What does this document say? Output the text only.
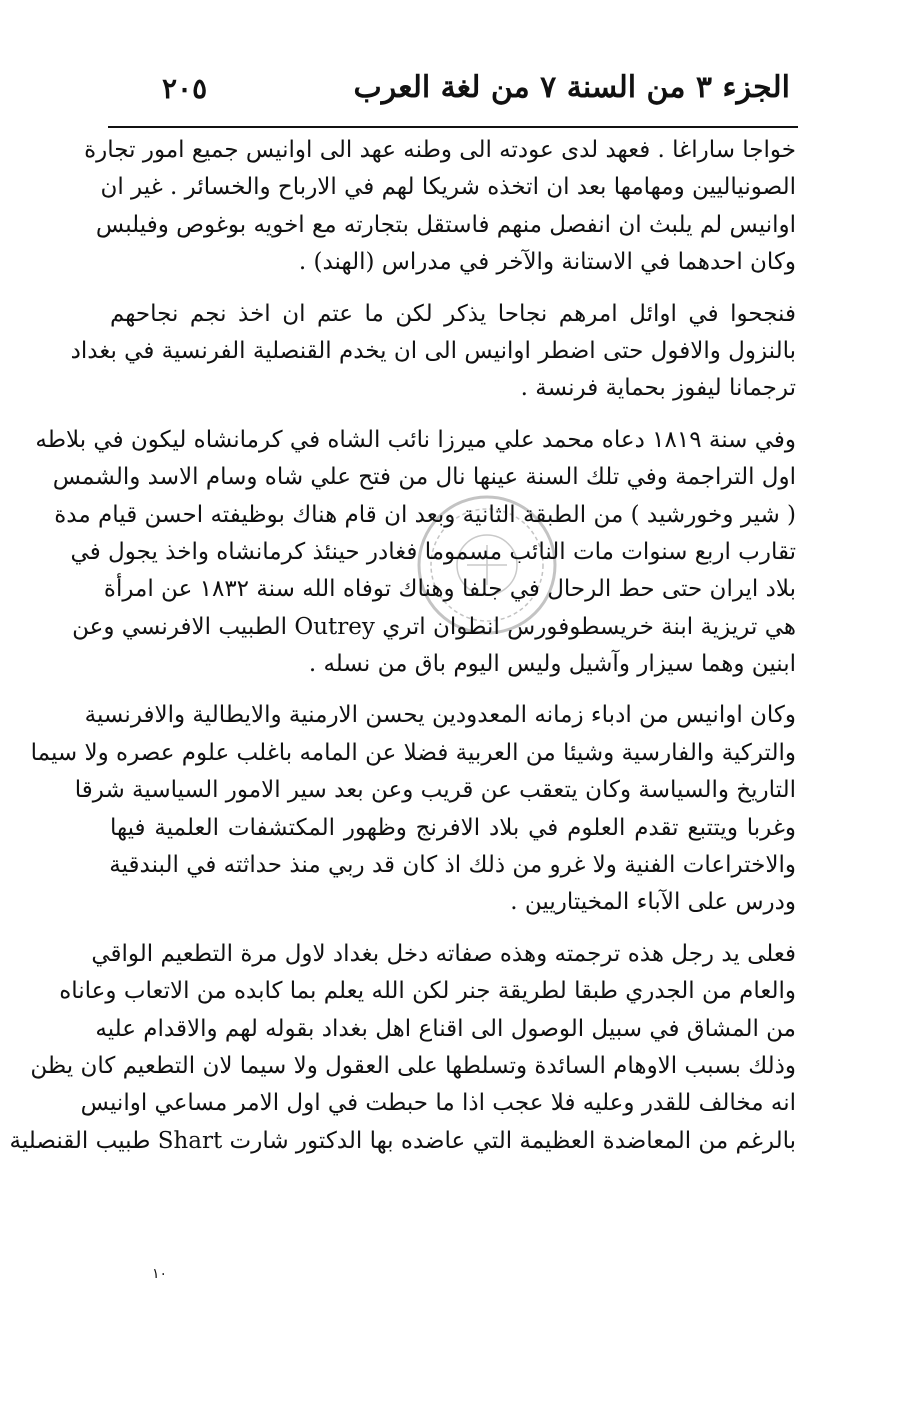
الجزء ٣ من السنة ٧ من لغة العرب
٢٠٥
خواجا ساراغا . فعهد لدى عودته الى وطنه عهد الى اوانيس جميع امور تجارة
الصونياليين ومهامها بعد ان اتخذه شريكا لهم في الارباح والخسائر . غير ان
اوانيس لم يلبث ان انفصل منهم فاستقل بتجارته مع اخويه بوغوص وفيلبس
وكان احدهما في الاستانة والآخر في مدراس (الهند) .
فنجحوا في اوائل امرهم نجاحا يذكر لكن ما عتم ان اخذ نجم نجاحهم
بالنزول والافول حتى اضطر اوانيس الى ان يخدم القنصلية الفرنسية في بغداد
ترجمانا ليفوز بحماية فرنسة .
وفي سنة ١٨١٩ دعاه محمد علي ميرزا نائب الشاه في كرمانشاه ليكون في بلاطه
اول التراجمة وفي تلك السنة عينها نال من فتح علي شاه وسام الاسد والشمس
( شير وخورشيد ) من الطبقة الثانية وبعد ان قام هناك بوظيفته احسن قيام مدة
تقارب اربع سنوات مات النائب مسموما فغادر حينئذ كرمانشاه واخذ يجول في
بلاد ايران حتى حط الرحال في جلفا وهناك توفاه الله سنة ١٨٣٢ عن امرأة
هي تريزية ابنة خريسطوفورس انطوان اتري Outrey الطبيب الافرنسي وعن
ابنين وهما سيزار وآشيل وليس اليوم باق من نسله .
وكان اوانيس من ادباء زمانه المعدودين يحسن الارمنية والايطالية والافرنسية
والتركية والفارسية وشيئا من العربية فضلا عن المامه باغلب علوم عصره ولا سيما
التاريخ والسياسة وكان يتعقب عن قريب وعن بعد سير الامور السياسية شرقا
وغربا ويتتبع تقدم العلوم في بلاد الافرنج وظهور المكتشفات العلمية فيها
والاختراعات الفنية ولا غرو من ذلك اذ كان قد ربي منذ حداثته في البندقية
ودرس على الآباء المخيتاريين .
فعلى يد رجل هذه ترجمته وهذه صفاته دخل بغداد لاول مرة التطعيم الواقي
والعام من الجدري طبقا لطريقة جنر لكن الله يعلم بما كابده من الاتعاب وعاناه
من المشاق في سبيل الوصول الى اقناع اهل بغداد بقوله لهم والاقدام عليه
وذلك بسبب الاوهام السائدة وتسلطها على العقول ولا سيما لان التطعيم كان يظن
انه مخالف للقدر وعليه فلا عجب اذا ما حبطت في اول الامر مساعي اوانيس
بالرغم من المعاضدة العظيمة التي عاضده بها الدكتور شارت Shart طبيب القنصلية
١٠
